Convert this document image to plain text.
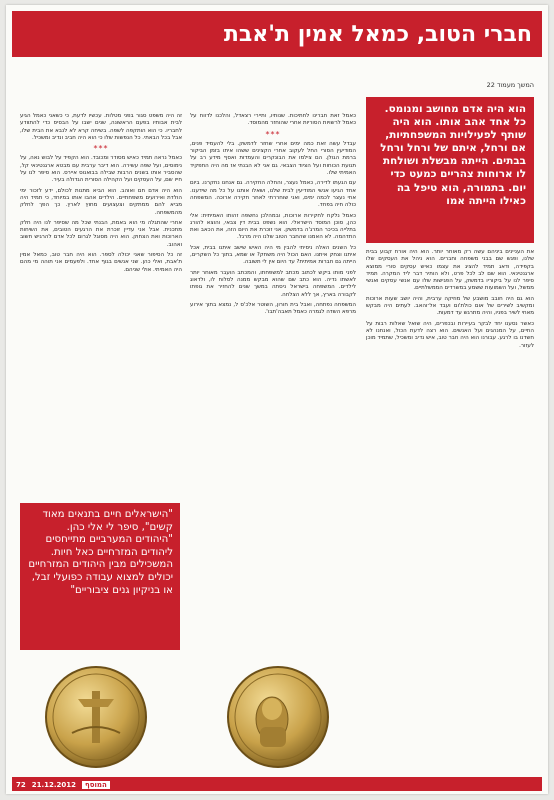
חברי הטוב, כמאל אמין ת'אבת
המשך מעמוד 22
הוא היה אדם מחושב ומנומס. כל אחד אהב אותו. הוא היה שותף לפעילויות המשפחתיות, אם ורחל, איתם של ורחל ורחל בבתים. הייתה מבשלת ושולחת לו ארוחות צהריים כמעט כדי יום. בתמורה, הוא טיפל בה כאילו הייתה אמו

את העניינים ביניהם עשה רק מאוחר יותר. הוא היה אורח קבוע בבית שלנו, ופגש שם בבני משפחה וחברים. הוא ניהל את העסקים שלו בקפידה, ודאג תמיד להציג את עצמו כאיש עסקים סורי ממוצא ארגנטינאי. הוא שם לב לכל פרט, ולא הותיר דבר ליד המקרה. תמיד סיפר לנו על ביקוריו בדמשק, על הפגישות שלו עם אנשי עסקים ואנשי ממשל, ועל השמועות ששמע במשרדים הממשלתיים.

הוא גם היה חובב מושבע של מוזיקה ערבית, והיה יושב שעות ארוכות ומקשיב לשירים של אום כולת'ום ועבד אל־והאב. לעתים היה מבקש מאחי לשיר בפניו, והיה מתרגש עד דמעות.

כאשר נסענו יחד לבקר בעיירות ובכפרים, היה שואל שאלות רבות על החיים, על המנהגים ועל האנשים. הוא רצה לדעת הכול, ואנחנו לא חשדנו בו לרגע. עבורנו הוא היה חבר טוב, איש נדיב ומשכיל, שתמיד מוכן לעזור.

כאמל זאת חברינו לחתיכות. שנותיו, ותיירי רצאדל, והלכנו לדווח על כאמל לרשויות הסוריות אחרי שהוחזר מהמוסד.

***

עבדל עשה זאת כמה ימים אחרי שחזר לדמשק. בלי להעמיד פנים, המודיעין הסורי החל לעקוב אחרי הקצינים ששהו איתו בזמן הביקור ברמת הגולן. הם צילמו את הבונקרים והעמדות ואסף מידע רב על תנועת הכוחות ועל הציוד הצבאי. גם אני לא הבנתי אז מה היה התפקיד האמיתי שלו.

עם הגעתו לדירה, כאמל נעצר, והחלה החקירה. גם אנחנו נחקרנו. ביום אחד הגיעו אנשי המודיעין לבית שלנו, ושאלו אותנו על כל מה שידענו. אחי נעצר לכמה ימים, ואני שוחררתי לאחר חקירה ארוכה. המשפחה כולה חיה בפחד.

כאמל נלקח לחקירות ארוכות, ובמהלכן נחשפה זהותו האמיתית: אלי כהן, סוכן המוסד הישראלי. הוא נשפט בבית דין צבאי, והוצא להורג בתלייה בכיכר המרג'ה בדמשק. אני זוכרת את היום הזה, את הכאב ואת התדהמה. לא האמנו שהחבר הטוב שלנו היה מרגל.

כל השנים האלה ניסיתי להבין מי היה האיש שישב איתנו בבית, אכל איתנו וצחק איתנו. האם הכול היה משחק? או שמא, בתוך כל השקרים, הייתה גם חברות אמיתית? עד היום אין לי תשובה.

לפני מותו ביקש לכתוב מכתב למשפחתו, והמכתב הועבר מאוחר יותר לאשתו נדיה. הוא כתב שם שהוא מבקש ממנה לסלוח לו, ולדאוג לילדים. המשפחה בישראל ניסתה במשך שנים להחזיר את גופתו לקבורה בארץ, אך ללא הצלחה.

המשפחה נפתחה, ואבל בית חורון, השוטר אלכ'ס ל, נמצא בתוך אירוע מרפא השדה לגמרה כאמל תאבה'תבו'.

זה היה משפט סגור בפני מטלות. עכשיו לדעת, כי כשאני כאמל הגיע לבית אבותיו בפעם הראשונה, שנים ישבו על הבסיס כדי להתוודע לחבריו. כי הוא הותקפה לשפה. בשיחה קרא לא לנבא את הבית שלו, אבל בכל הבאתי. כל הנפשות שלו כי הוא היה חביב ונדיב ומשכיל.

***

כאמל נראה תמיד כאיש מסודר ומכובד. הוא הקפיד על לבוש נאה, על נימוסים, ועל שפה עשירה. הוא דיבר ערבית עם מבטא ארגנטינאי קל, שהסביר אותו בשנים הרבות שבילה בבואנוס איירס. הוא סיפר לנו על חייו שם, על העסקים ועל הקהילה הסורית הגדולה בעיר.

הוא היה אדם חם ואוהב. הוא הביא מתנות לכולם, ידע לזכור ימי הולדת ואירועים משפחתיים. הילדים אהבו אותו במיוחד, כי תמיד היה מביא להם ממתקים וצעצועים מחוץ לארץ. כך הפך לחלק מהמשפחה.

אחרי שהתגלה מי הוא באמת, הבנתי שכל מה שסיפר לנו היה חלק מתכנית. אבל אני עדיין זוכרת את הרגעים הטובים, את השיחות הארוכות ואת הצחוק. הוא היה מסוגל לגרום לכל אדם להרגיש חשוב ואהוב.

זה כל הסיפור שאני יכולה לספר. הוא היה חבר טוב, כמאל אמין ת'אבת, ואלי כהן. שני אנשים בגוף אחד. ולפעמים אני תוהה מי מהם היה האמיתי. אולי שניהם.

"הישראלים חיים בתנאים מאוד קשים", סיפר לי אלי כהן. "היהודים המערביים מתייחסים ליהודים המזרחיים כאל חיות. המשכילים מבין היהודים המזרחיים יכולים למצוא עבודה כפועלי זבל, או בניקיון גנים ציבוריים"
72 21.12.2012	המוסף
